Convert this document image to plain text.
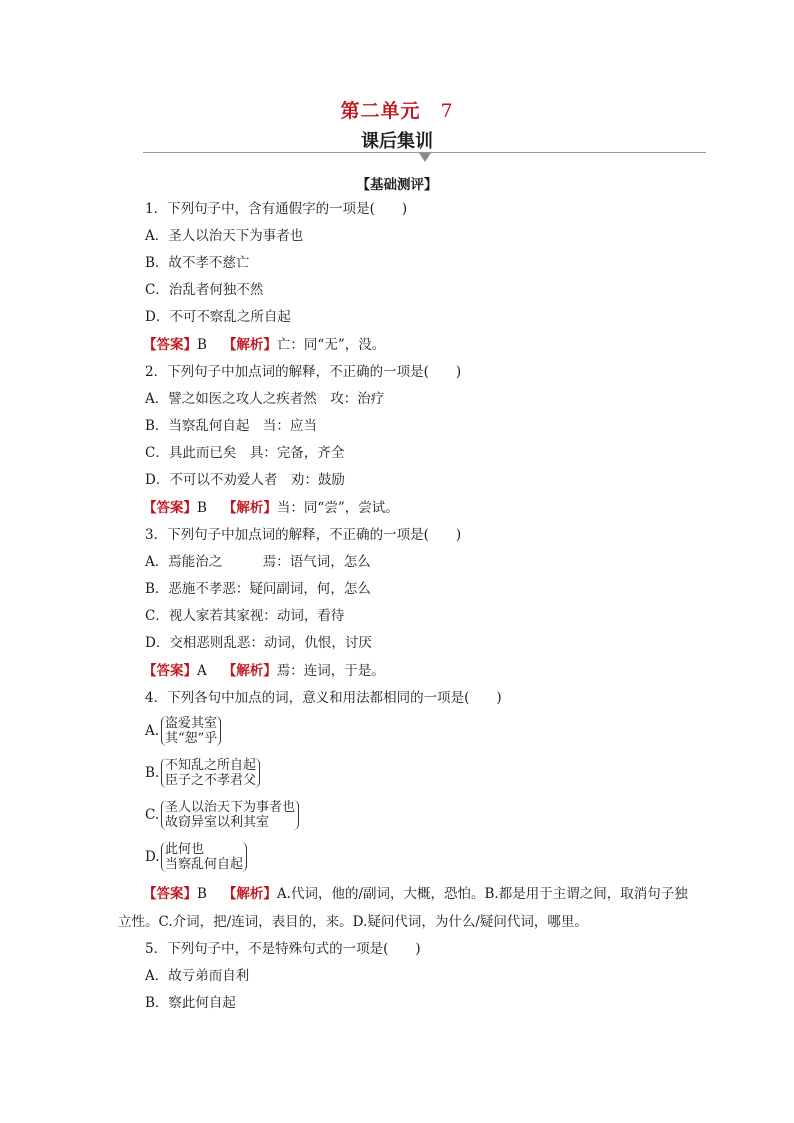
第二单元 7
课后集训
【基础测评】
1．下列句子中，含有通假字的一项是(　　)
A．圣人以治天下为事者也
B．故不孝不慈亡
C．治乱者何独不然
D．不可不察乱之所自起
【答案】B 【解析】亡：同“无”，没。
2．下列句子中加点词的解释，不正确的一项是(　　)
A．譬之如医之攻人之疾者然　攻：治疗
B．当察乱何自起　当：应当
C．具此而已矣　具：完备，齐全
D．不可以不劝爱人者　劝：鼓励
【答案】B 【解析】当：同“尝”，尝试。
3．下列句子中加点词的解释，不正确的一项是(　　)
A．焉能治之　　　焉：语气词，怎么
B．恶施不孝恶：疑问副词，何，怎么
C．视人家若其家视：动词，看待
D．交相恶则乱恶：动词，仇恨，讨厌
【答案】A 【解析】焉：连词，于是。
4．下列各句中加点的词，意义和用法都相同的一项是(　　)
A. 盗爱其室
其“恕”乎
B. 不知乱之所自起
臣子之不孝君父
C. 圣人以治天下为事者也
故窃异室以利其室
D. 此何也
当察乱何自起
【答案】B 【解析】A.代词，他的/副词，大概，恐怕。B.都是用于主谓之间，取消句子独立性。C.介词，把/连词，表目的，来。D.疑问代词，为什么/疑问代词，哪里。
5．下列句子中，不是特殊句式的一项是(　　)
A．故亏弟而自利
B．察此何自起
